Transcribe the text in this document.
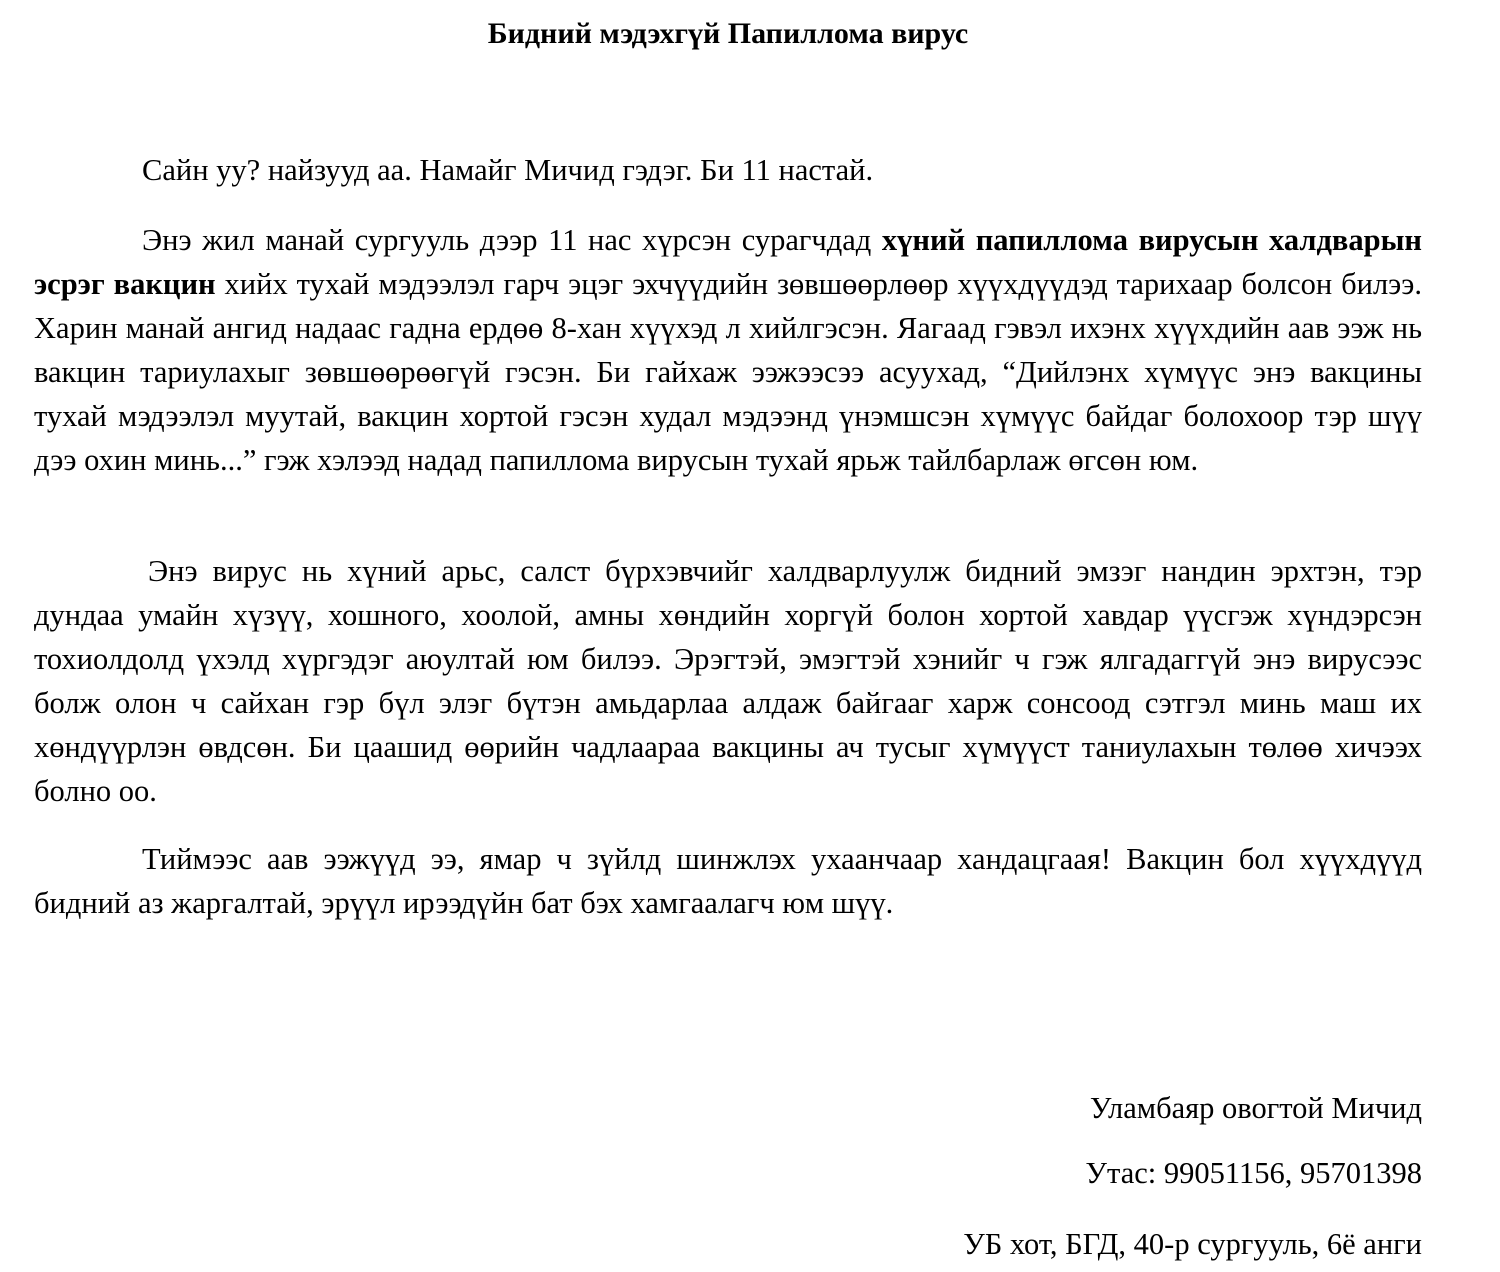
Бидний мэдэхгүй Папиллома вирус

Сайн уу? найзууд аа. Намайг Мичид гэдэг. Би 11 настай.

Энэ жил манай сургууль дээр 11 нас хүрсэн сурагчдад хүний папиллома вирусын халдварын эсрэг вакцин хийх тухай мэдээлэл гарч эцэг эхчүүдийн зөвшөөрлөөр хүүхдүүдэд тарихаар болсон билээ. Харин манай ангид надаас гадна ердөө 8-хан хүүхэд л хийлгэсэн. Яагаад гэвэл ихэнх хүүхдийн аав ээж нь вакцин тариулахыг зөвшөөрөөгүй гэсэн. Би гайхаж ээжээсээ асуухад, “Дийлэнх хүмүүс энэ вакцины тухай мэдээлэл муутай, вакцин хортой гэсэн худал мэдээнд үнэмшсэн хүмүүс байдаг болохоор тэр шүү дээ охин минь...” гэж хэлээд надад папиллома вирусын тухай ярьж тайлбарлаж өгсөн юм.

Энэ вирус нь хүний арьс, салст бүрхэвчийг халдварлуулж бидний эмзэг нандин эрхтэн, тэр дундаа умайн хүзүү, хошного, хоолой, амны хөндийн хоргүй болон хортой хавдар үүсгэж хүндэрсэн тохиолдолд үхэлд хүргэдэг аюултай юм билээ. Эрэгтэй, эмэгтэй хэнийг ч гэж ялгадаггүй энэ вирусээс болж олон ч сайхан гэр бүл элэг бүтэн амьдарлаа алдаж байгааг харж сонсоод сэтгэл минь маш их хөндүүрлэн өвдсөн. Би цаашид өөрийн чадлаараа вакцины ач тусыг хүмүүст таниулахын төлөө хичээх болно оо.

Тиймээс аав ээжүүд ээ, ямар ч зүйлд шинжлэх ухаанчаар хандацгаая! Вакцин бол хүүхдүүд бидний аз жаргалтай, эрүүл ирээдүйн бат бэх хамгаалагч юм шүү.

Уламбаяр овогтой Мичид

Утас: 99051156, 95701398

УБ хот, БГД, 40-р сургууль, 6ё анги
